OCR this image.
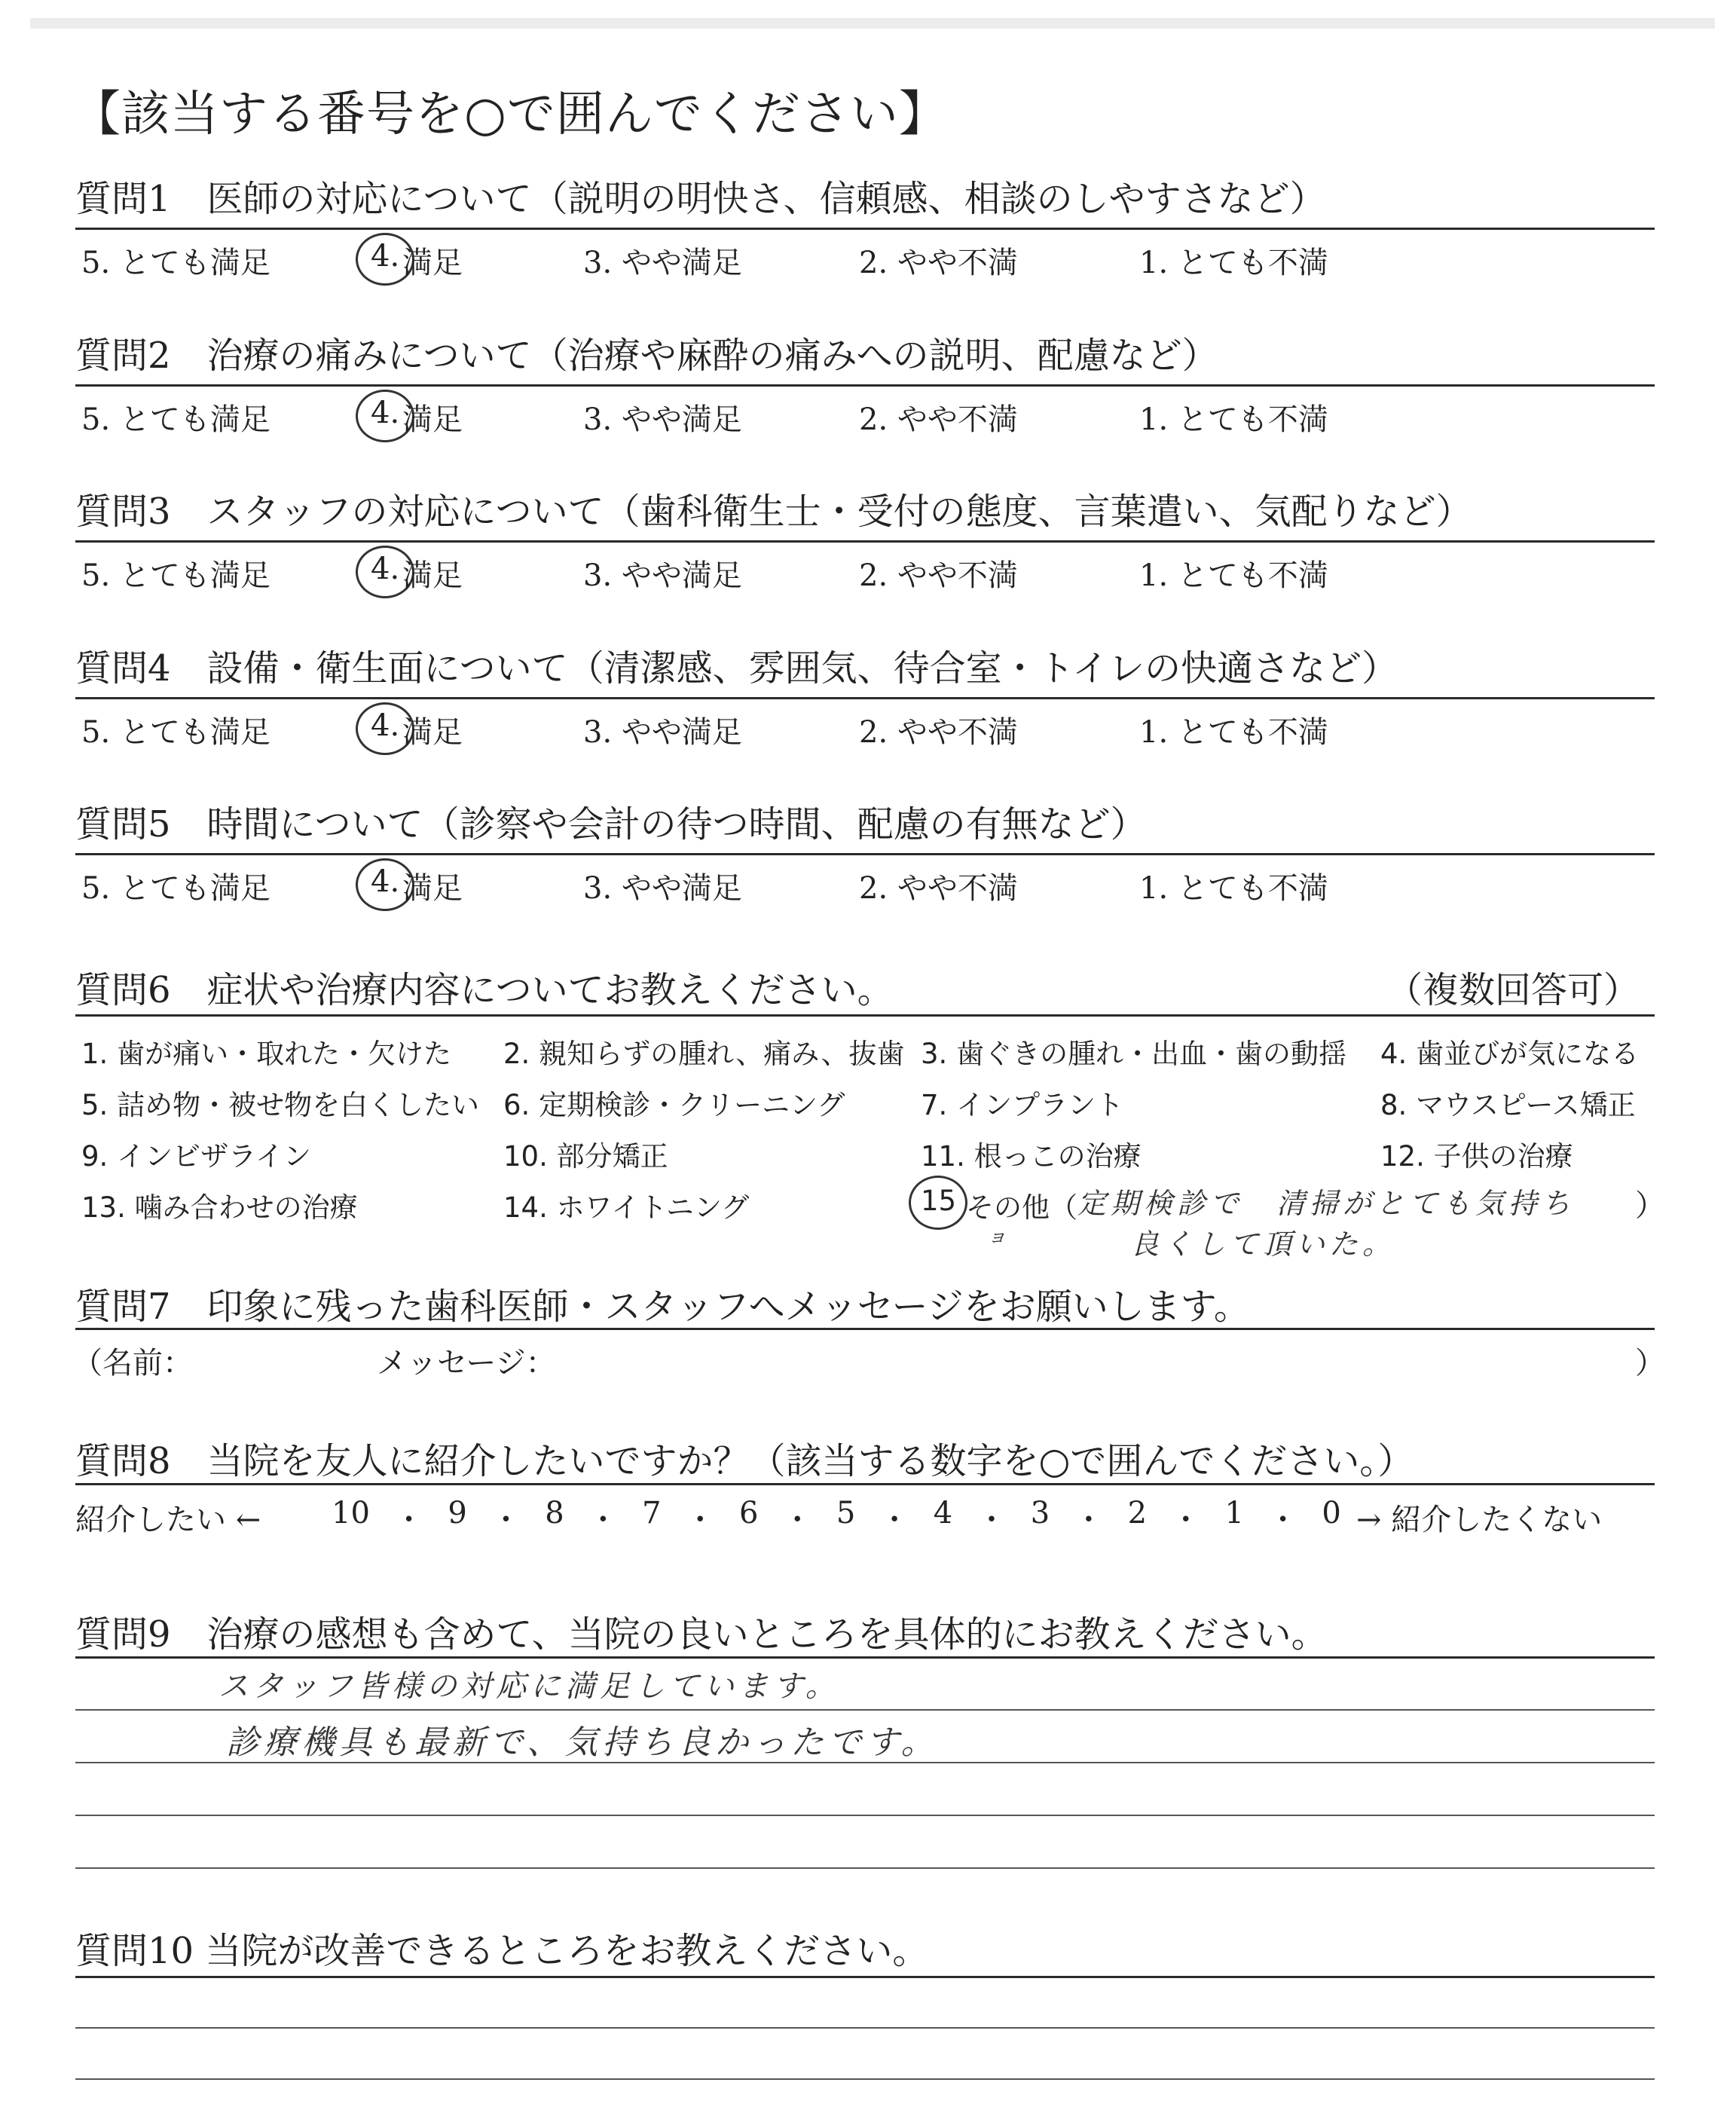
【該当する番号を○で囲んでください】
質問1　医師の対応について（説明の明快さ、信頼感、相談のしやすさなど）
5. とても満足	4. 満足	3. やや満足	2. やや不満	1. とても不満
質問2　治療の痛みについて（治療や麻酔の痛みへの説明、配慮など）
5. とても満足	4. 満足	3. やや満足	2. やや不満	1. とても不満
質問3　スタッフの対応について（歯科衛生士・受付の態度、言葉遣い、気配りなど）
5. とても満足	4. 満足	3. やや満足	2. やや不満	1. とても不満
質問4　設備・衛生面について（清潔感、雰囲気、待合室・トイレの快適さなど）
5. とても満足	4. 満足	3. やや満足	2. やや不満	1. とても不満
質問5　時間について（診察や会計の待つ時間、配慮の有無など）
5. とても満足	4. 満足	3. やや満足	2. やや不満	1. とても不満
質問6　症状や治療内容についてお教えください。	（複数回答可）
1. 歯が痛い・取れた・欠けた 2. 親知らずの腫れ、痛み、抜歯 3. 歯ぐきの腫れ・出血・歯の動揺 4. 歯並びが気になる
5. 詰め物・被せ物を白くしたい 6. 定期検診・クリーニング	7. インプラント	8. マウスピース矯正
9. インビザライン	10. 部分矯正	11. 根っこの治療	12. 子供の治療
13. 噛み合わせの治療	14. ホワイトニング	15 その他（ 定期検診で　清掃がとても気持ち ）
ョ	良くして頂いた。
質問7　印象に残った歯科医師・スタッフへメッセージをお願いします。
（名前：	メッセージ：	）
質問8　当院を友人に紹介したいですか？（該当する数字を○で囲んでください。）
紹介したい ← 10 ・ 9 ・ 8 ・ 7 ・ 6 ・ 5 ・ 4 ・ 3 ・ 2 ・ 1 ・ 0 → 紹介したくない
質問9　治療の感想も含めて、当院の良いところを具体的にお教えください。
スタッフ皆様の対応に満足しています。
診療機具も最新で、気持ち良かったです。
質問10 当院が改善できるところをお教えください。
